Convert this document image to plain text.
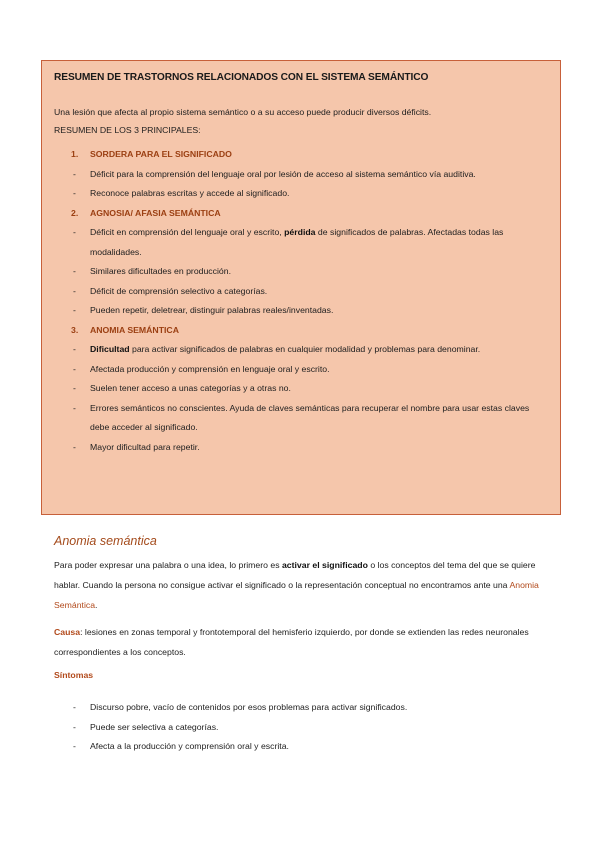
RESUMEN DE TRASTORNOS RELACIONADOS CON EL SISTEMA SEMÁNTICO

Una lesión que afecta al propio sistema semántico o a su acceso puede producir diversos déficits.

RESUMEN DE LOS 3 PRINCIPALES:

1. SORDERA PARA EL SIGNIFICADO
- Déficit para la comprensión del lenguaje oral por lesión de acceso al sistema semántico vía auditiva.
- Reconoce palabras escritas y accede al significado.
2. AGNOSIA/ AFASIA SEMÁNTICA
- Déficit en comprensión del lenguaje oral y escrito, pérdida de significados de palabras. Afectadas todas las modalidades.
- Similares dificultades en producción.
- Déficit de comprensión selectivo a categorías.
- Pueden repetir, deletrear, distinguir palabras reales/inventadas.
3. ANOMIA SEMÁNTICA
- Dificultad para activar significados de palabras en cualquier modalidad y problemas para denominar.
- Afectada producción y comprensión en lenguaje oral y escrito.
- Suelen tener acceso a unas categorías y a otras no.
- Errores semánticos no conscientes. Ayuda de claves semánticas para recuperar el nombre para usar estas claves debe acceder al significado.
- Mayor dificultad para repetir.

Anomia semántica

Para poder expresar una palabra o una idea, lo primero es activar el significado o los conceptos del tema del que se quiere hablar. Cuando la persona no consigue activar el significado o la representación conceptual no encontramos ante una Anomia Semántica.

Causa: lesiones en zonas temporal y frontotemporal del hemisferio izquierdo, por donde se extienden las redes neuronales correspondientes a los conceptos.

Síntomas

- Discurso pobre, vacío de contenidos por esos problemas para activar significados.
- Puede ser selectiva a categorías.
- Afecta a la producción y comprensión oral y escrita.
